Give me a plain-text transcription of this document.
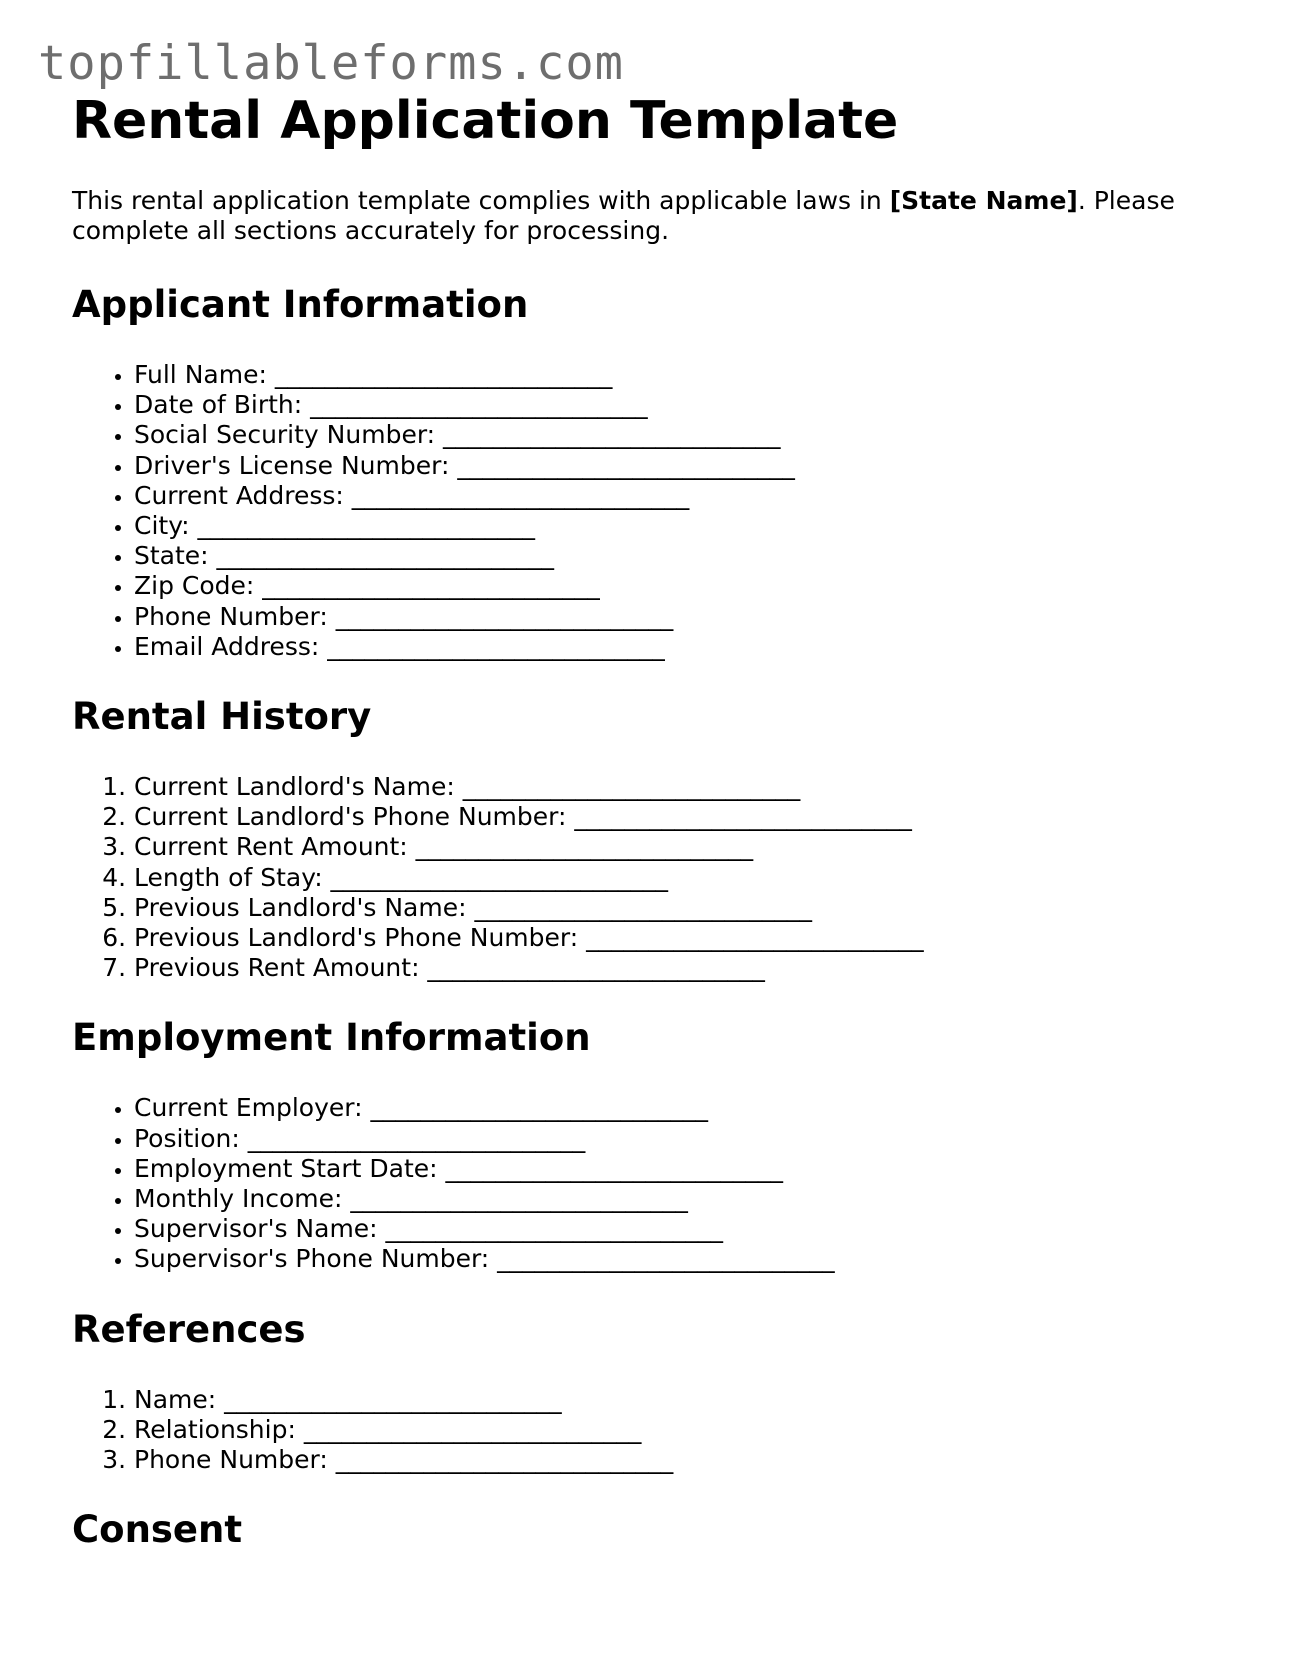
topfillableforms.com
Rental Application Template

This rental application template complies with applicable laws in [State Name]. Please complete all sections accurately for processing.

Applicant Information
• Full Name: ___________________________
• Date of Birth: ___________________________
• Social Security Number: ___________________________
• Driver's License Number: ___________________________
• Current Address: ___________________________
• City: ___________________________
• State: ___________________________
• Zip Code: ___________________________
• Phone Number: ___________________________
• Email Address: ___________________________
Rental History
1. Current Landlord's Name: ___________________________
2. Current Landlord's Phone Number: ___________________________
3. Current Rent Amount: ___________________________
4. Length of Stay: ___________________________
5. Previous Landlord's Name: ___________________________
6. Previous Landlord's Phone Number: ___________________________
7. Previous Rent Amount: ___________________________
Employment Information
• Current Employer: ___________________________
• Position: ___________________________
• Employment Start Date: ___________________________
• Monthly Income: ___________________________
• Supervisor's Name: ___________________________
• Supervisor's Phone Number: ___________________________
References
1. Name: ___________________________
2. Relationship: ___________________________
3. Phone Number: ___________________________
Consent
